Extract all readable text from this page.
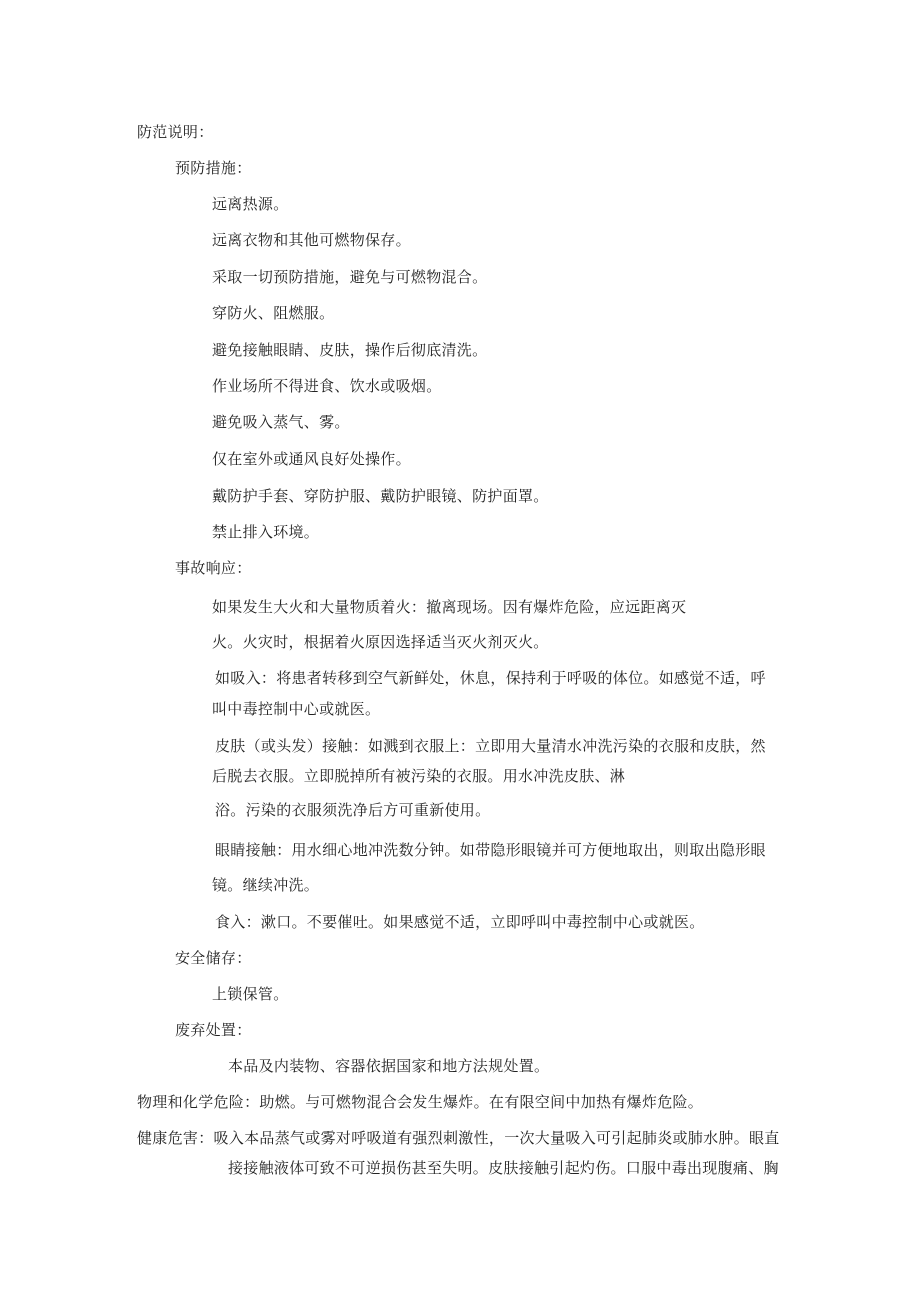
防范说明：
预防措施：
远离热源。
远离衣物和其他可燃物保存。
采取一切预防措施，避免与可燃物混合。
穿防火、阻燃服。
避免接触眼睛、皮肤，操作后彻底清洗。
作业场所不得进食、饮水或吸烟。
避免吸入蒸气、雾。
仅在室外或通风良好处操作。
戴防护手套、穿防护服、戴防护眼镜、防护面罩。
禁止排入环境。
事故响应：
如果发生大火和大量物质着火：撤离现场。因有爆炸危险，应远距离灭
火。火灾时，根据着火原因选择适当灭火剂灭火。
如吸入：将患者转移到空气新鲜处，休息，保持利于呼吸的体位。如感觉不适，呼
叫中毒控制中心或就医。
皮肤（或头发）接触：如溅到衣服上：立即用大量清水冲洗污染的衣服和皮肤，然
后脱去衣服。立即脱掉所有被污染的衣服。用水冲洗皮肤、淋
浴。污染的衣服须洗净后方可重新使用。
眼睛接触：用水细心地冲洗数分钟。如带隐形眼镜并可方便地取出，则取出隐形眼
镜。继续冲洗。
食入：漱口。不要催吐。如果感觉不适，立即呼叫中毒控制中心或就医。
安全储存：
上锁保管。
废弃处置：
本品及内装物、容器依据国家和地方法规处置。
物理和化学危险：助燃。与可燃物混合会发生爆炸。在有限空间中加热有爆炸危险。
健康危害：吸入本品蒸气或雾对呼吸道有强烈刺激性，一次大量吸入可引起肺炎或肺水肿。眼直
接接触液体可致不可逆损伤甚至失明。皮肤接触引起灼伤。口服中毒出现腹痛、胸
